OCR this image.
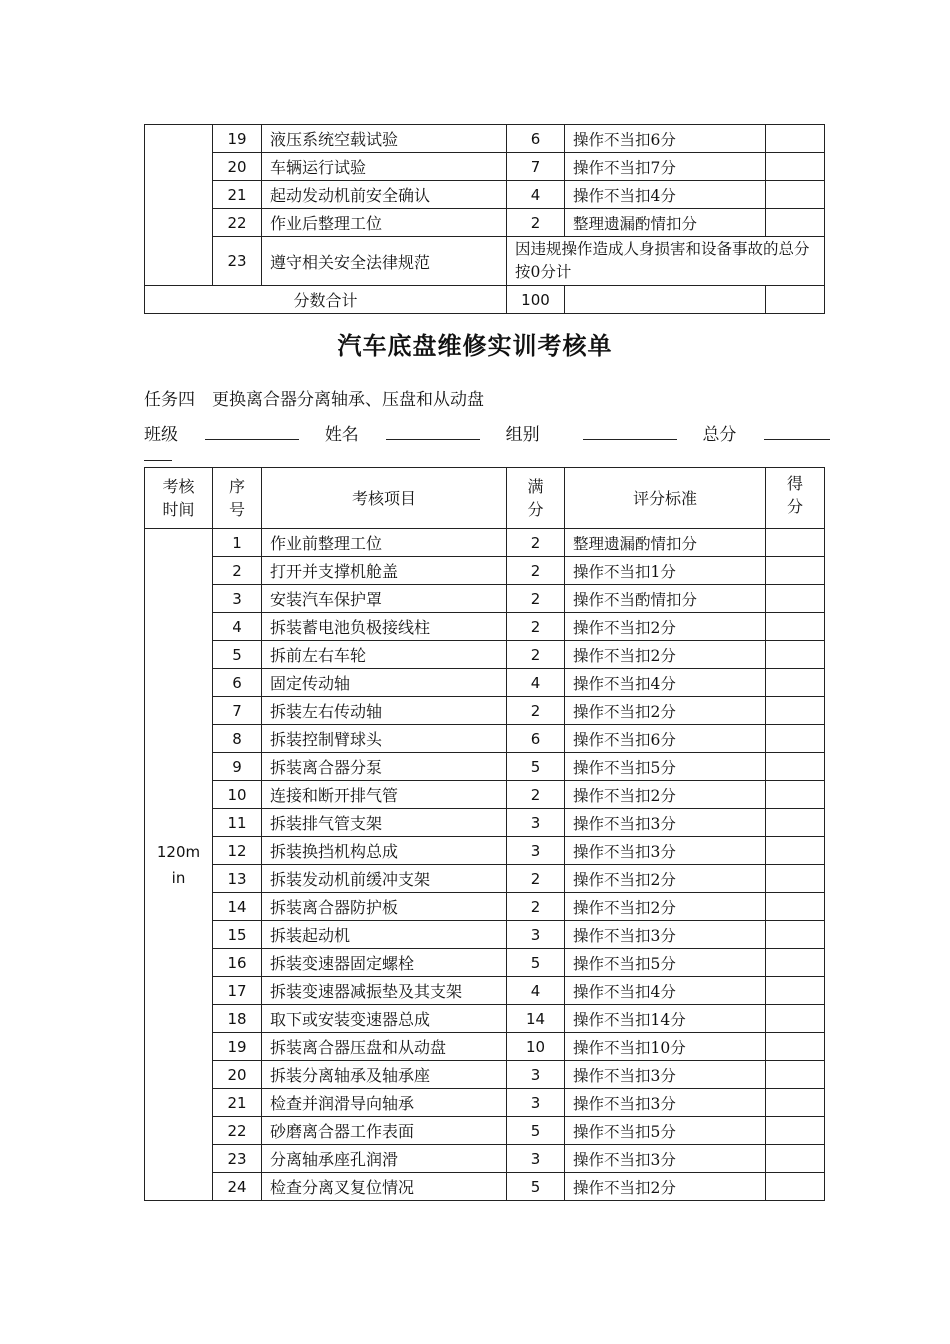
	19	液压系统空载试验	6	操作不当扣6分	
	20	车辆运行试验	7	操作不当扣7分	
	21	起动发动机前安全确认	4	操作不当扣4分	
	22	作业后整理工位	2	整理遗漏酌情扣分	
	23	遵守相关安全法律规范	因违规操作造成人身损害和设备事故的总分按0分计		
分数合计			100		
汽车底盘维修实训考核单
任务四　更换离合器分离轴承、压盘和从动盘
班级	姓名	组别	总分
考核时间	序号	考核项目	满分	评分标准	得分
120min	1	作业前整理工位	2	整理遗漏酌情扣分	
	2	打开并支撑机舱盖	2	操作不当扣1分	
	3	安装汽车保护罩	2	操作不当酌情扣分	
	4	拆装蓄电池负极接线柱	2	操作不当扣2分	
	5	拆前左右车轮	2	操作不当扣2分	
	6	固定传动轴	4	操作不当扣4分	
	7	拆装左右传动轴	2	操作不当扣2分	
	8	拆装控制臂球头	6	操作不当扣6分	
	9	拆装离合器分泵	5	操作不当扣5分	
	10	连接和断开排气管	2	操作不当扣2分	
	11	拆装排气管支架	3	操作不当扣3分	
	12	拆装换挡机构总成	3	操作不当扣3分	
	13	拆装发动机前缓冲支架	2	操作不当扣2分	
	14	拆装离合器防护板	2	操作不当扣2分	
	15	拆装起动机	3	操作不当扣3分	
	16	拆装变速器固定螺栓	5	操作不当扣5分	
	17	拆装变速器减振垫及其支架	4	操作不当扣4分	
	18	取下或安装变速器总成	14	操作不当扣14分	
	19	拆装离合器压盘和从动盘	10	操作不当扣10分	
	20	拆装分离轴承及轴承座	3	操作不当扣3分	
	21	检查并润滑导向轴承	3	操作不当扣3分	
	22	砂磨离合器工作表面	5	操作不当扣5分	
	23	分离轴承座孔润滑	3	操作不当扣3分	
	24	检查分离叉复位情况	5	操作不当扣2分	
